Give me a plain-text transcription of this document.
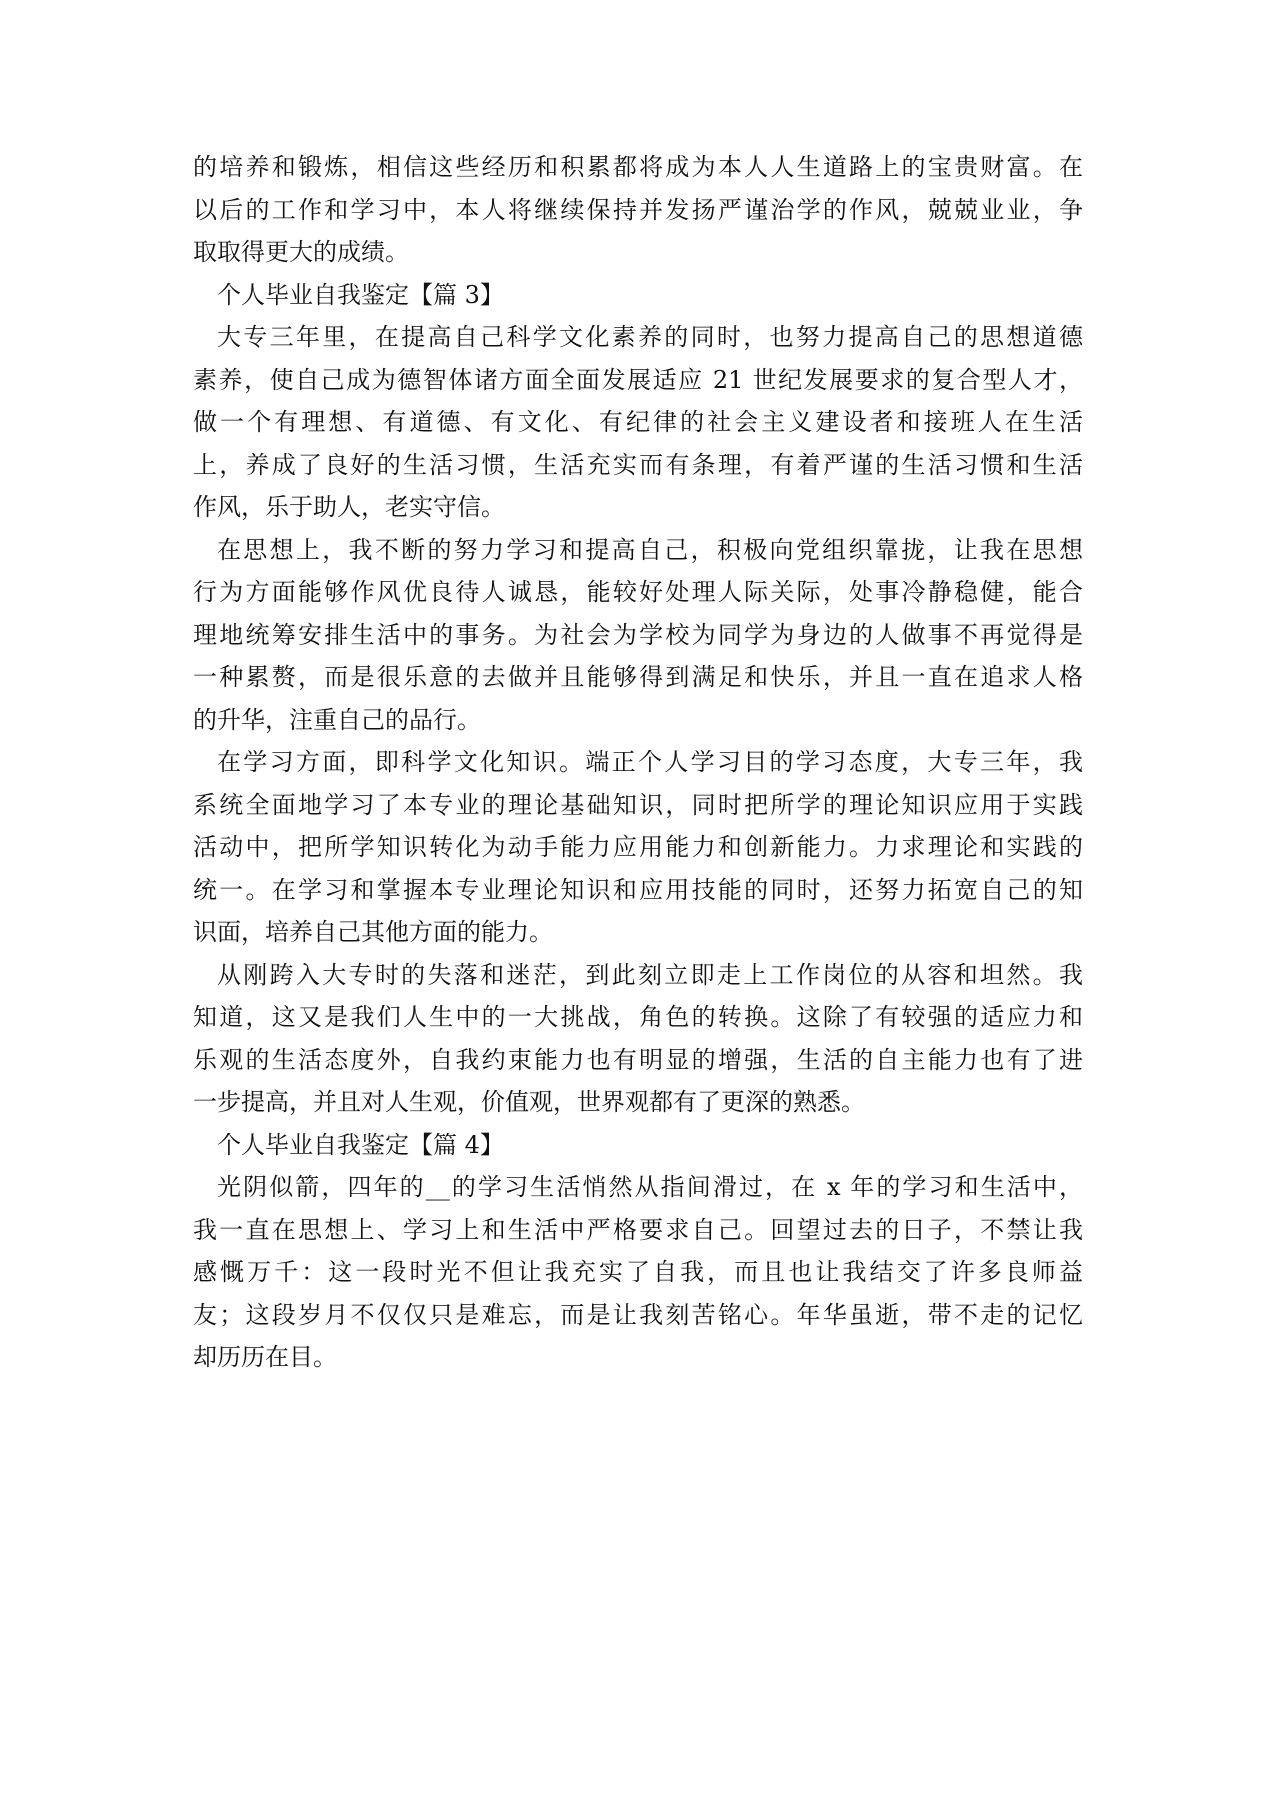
的培养和锻炼，相信这些经历和积累都将成为本人人生道路上的宝贵财富。在
以后的工作和学习中，本人将继续保持并发扬严谨治学的作风，兢兢业业，争
取取得更大的成绩。
个人毕业自我鉴定【篇 3】
大专三年里，在提高自己科学文化素养的同时，也努力提高自己的思想道德
素养，使自己成为德智体诸方面全面发展适应 21 世纪发展要求的复合型人才，
做一个有理想、有道德、有文化、有纪律的社会主义建设者和接班人在生活
上，养成了良好的生活习惯，生活充实而有条理，有着严谨的生活习惯和生活
作风，乐于助人，老实守信。
在思想上，我不断的努力学习和提高自己，积极向党组织靠拢，让我在思想
行为方面能够作风优良待人诚恳，能较好处理人际关际，处事冷静稳健，能合
理地统筹安排生活中的事务。为社会为学校为同学为身边的人做事不再觉得是
一种累赘，而是很乐意的去做并且能够得到满足和快乐，并且一直在追求人格
的升华，注重自己的品行。
在学习方面，即科学文化知识。端正个人学习目的学习态度，大专三年，我
系统全面地学习了本专业的理论基础知识，同时把所学的理论知识应用于实践
活动中，把所学知识转化为动手能力应用能力和创新能力。力求理论和实践的
统一。在学习和掌握本专业理论知识和应用技能的同时，还努力拓宽自己的知
识面，培养自己其他方面的能力。
从刚跨入大专时的失落和迷茫，到此刻立即走上工作岗位的从容和坦然。我
知道，这又是我们人生中的一大挑战，角色的转换。这除了有较强的适应力和
乐观的生活态度外，自我约束能力也有明显的增强，生活的自主能力也有了进
一步提高，并且对人生观，价值观，世界观都有了更深的熟悉。
个人毕业自我鉴定【篇 4】
光阴似箭，四年的__的学习生活悄然从指间滑过，在 x 年的学习和生活中，
我一直在思想上、学习上和生活中严格要求自己。回望过去的日子，不禁让我
感慨万千：这一段时光不但让我充实了自我，而且也让我结交了许多良师益
友；这段岁月不仅仅只是难忘，而是让我刻苦铭心。年华虽逝，带不走的记忆
却历历在目。
